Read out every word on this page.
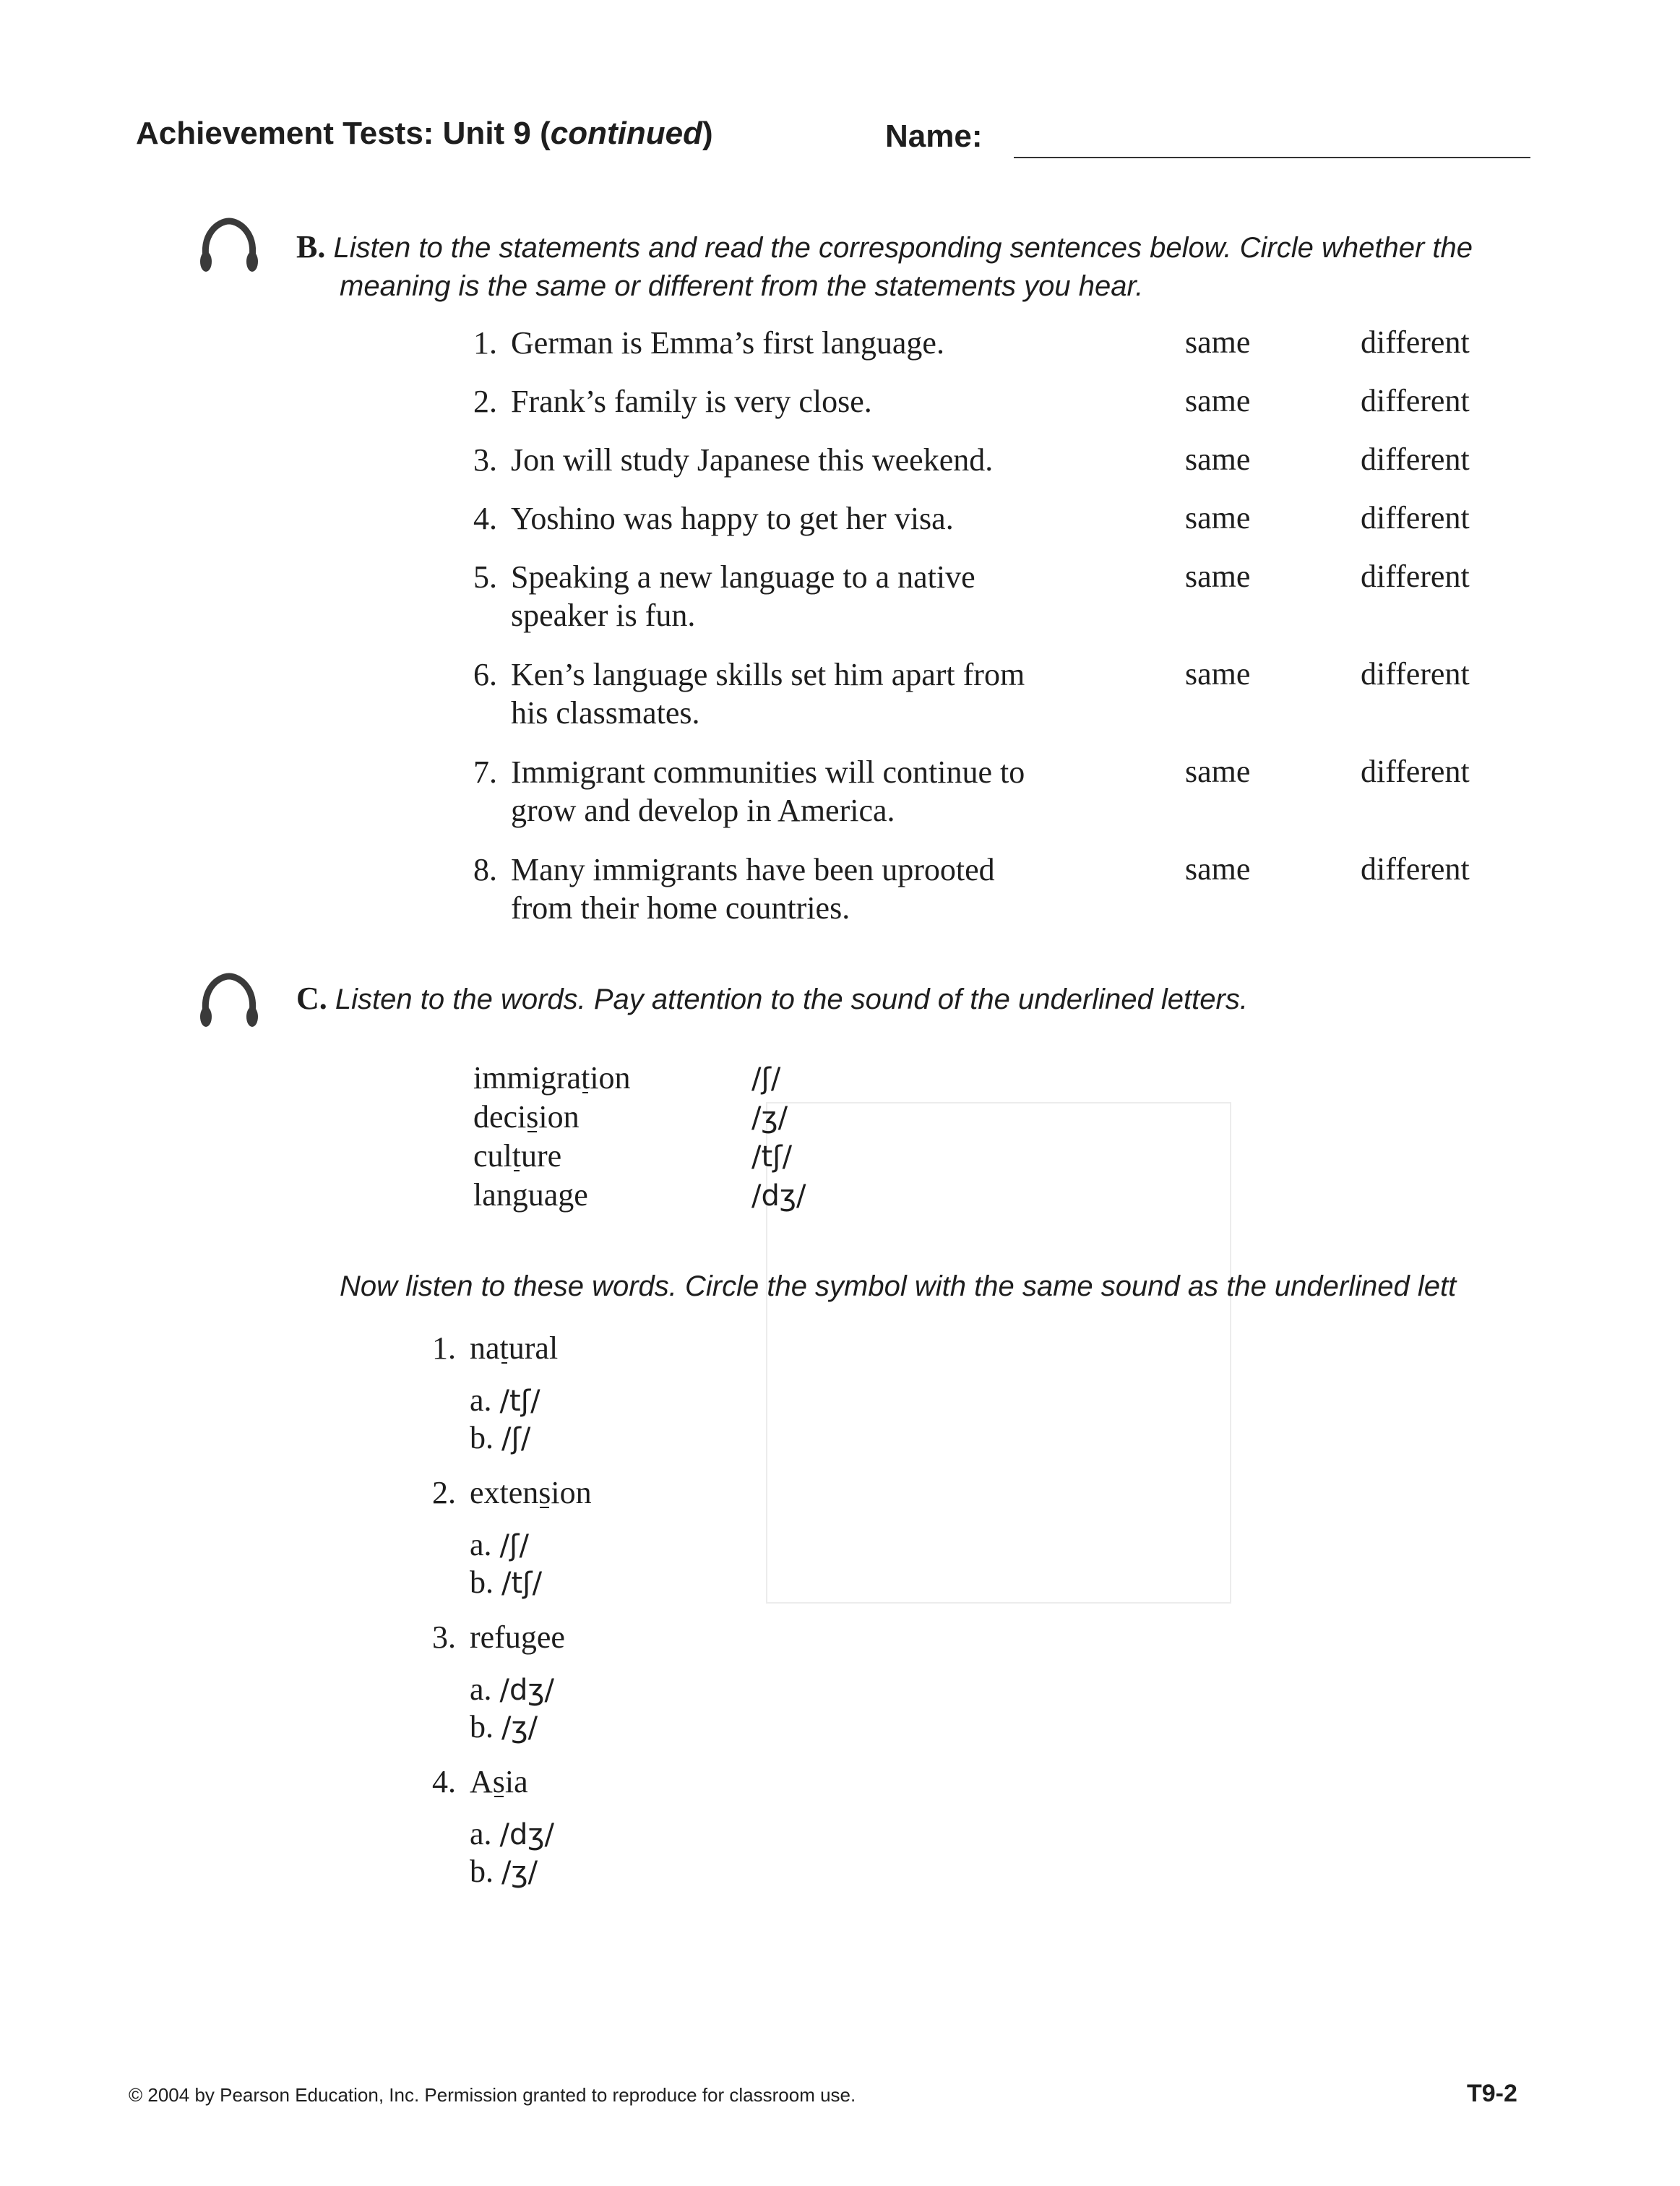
Achievement Tests: Unit 9 (continued)	Name:
B. Listen to the statements and read the corresponding sentences below. Circle whether the
meaning is the same or different from the statements you hear.
1. German is Emma’s first language.	same	different
2. Frank’s family is very close.	same	different
3. Jon will study Japanese this weekend.	same	different
4. Yoshino was happy to get her visa.	same	different
5. Speaking a new language to a native
speaker is fun.
same	different
6. Ken’s language skills set him apart from
his classmates.
same	different
7. Immigrant communities will continue to
grow and develop in America.
same	different
8. Many immigrants have been uprooted
from their home countries.
same	different
C. Listen to the words. Pay attention to the sound of the underlined letters.
immigration	/ʃ/
decision	/ʒ/
culture	/tʃ/
language	/dʒ/
Now listen to these words. Circle the symbol with the same sound as the underlined lett
1. natural
a. /tʃ/
b. /ʃ/
2. extension
a. /ʃ/
b. /tʃ/
3. refugee
a. /dʒ/
b. /ʒ/
4. Asia
a. /dʒ/
b. /ʒ/
© 2004 by Pearson Education, Inc. Permission granted to reproduce for classroom use.	T9-2
